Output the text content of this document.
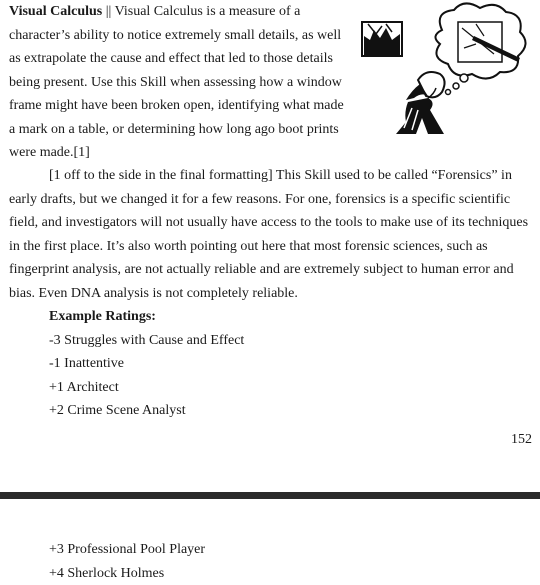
Visual Calculus || Visual Calculus is a measure of a character’s ability to notice extremely small details, as well as extrapolate the cause and effect that led to those details being present. Use this Skill when assessing how a window frame might have been broken open, identifying what made a mark on a table, or determining how long ago boot prints were made.[1]

[1 off to the side in the final formatting] This Skill used to be called “Forensics” in early drafts, but we changed it for a few reasons. For one, forensics is a specific scientific field, and investigators will not usually have access to the tools to make use of its techniques in the first place. It’s also worth pointing out here that most forensic sciences, such as fingerprint analysis, are not actually reliable and are extremely subject to human error and bias. Even DNA analysis is not completely reliable.

Example Ratings:
-3 Struggles with Cause and Effect
-1 Inattentive
+1 Architect
+2 Crime Scene Analyst
152
+3 Professional Pool Player
+4 Sherlock Holmes
